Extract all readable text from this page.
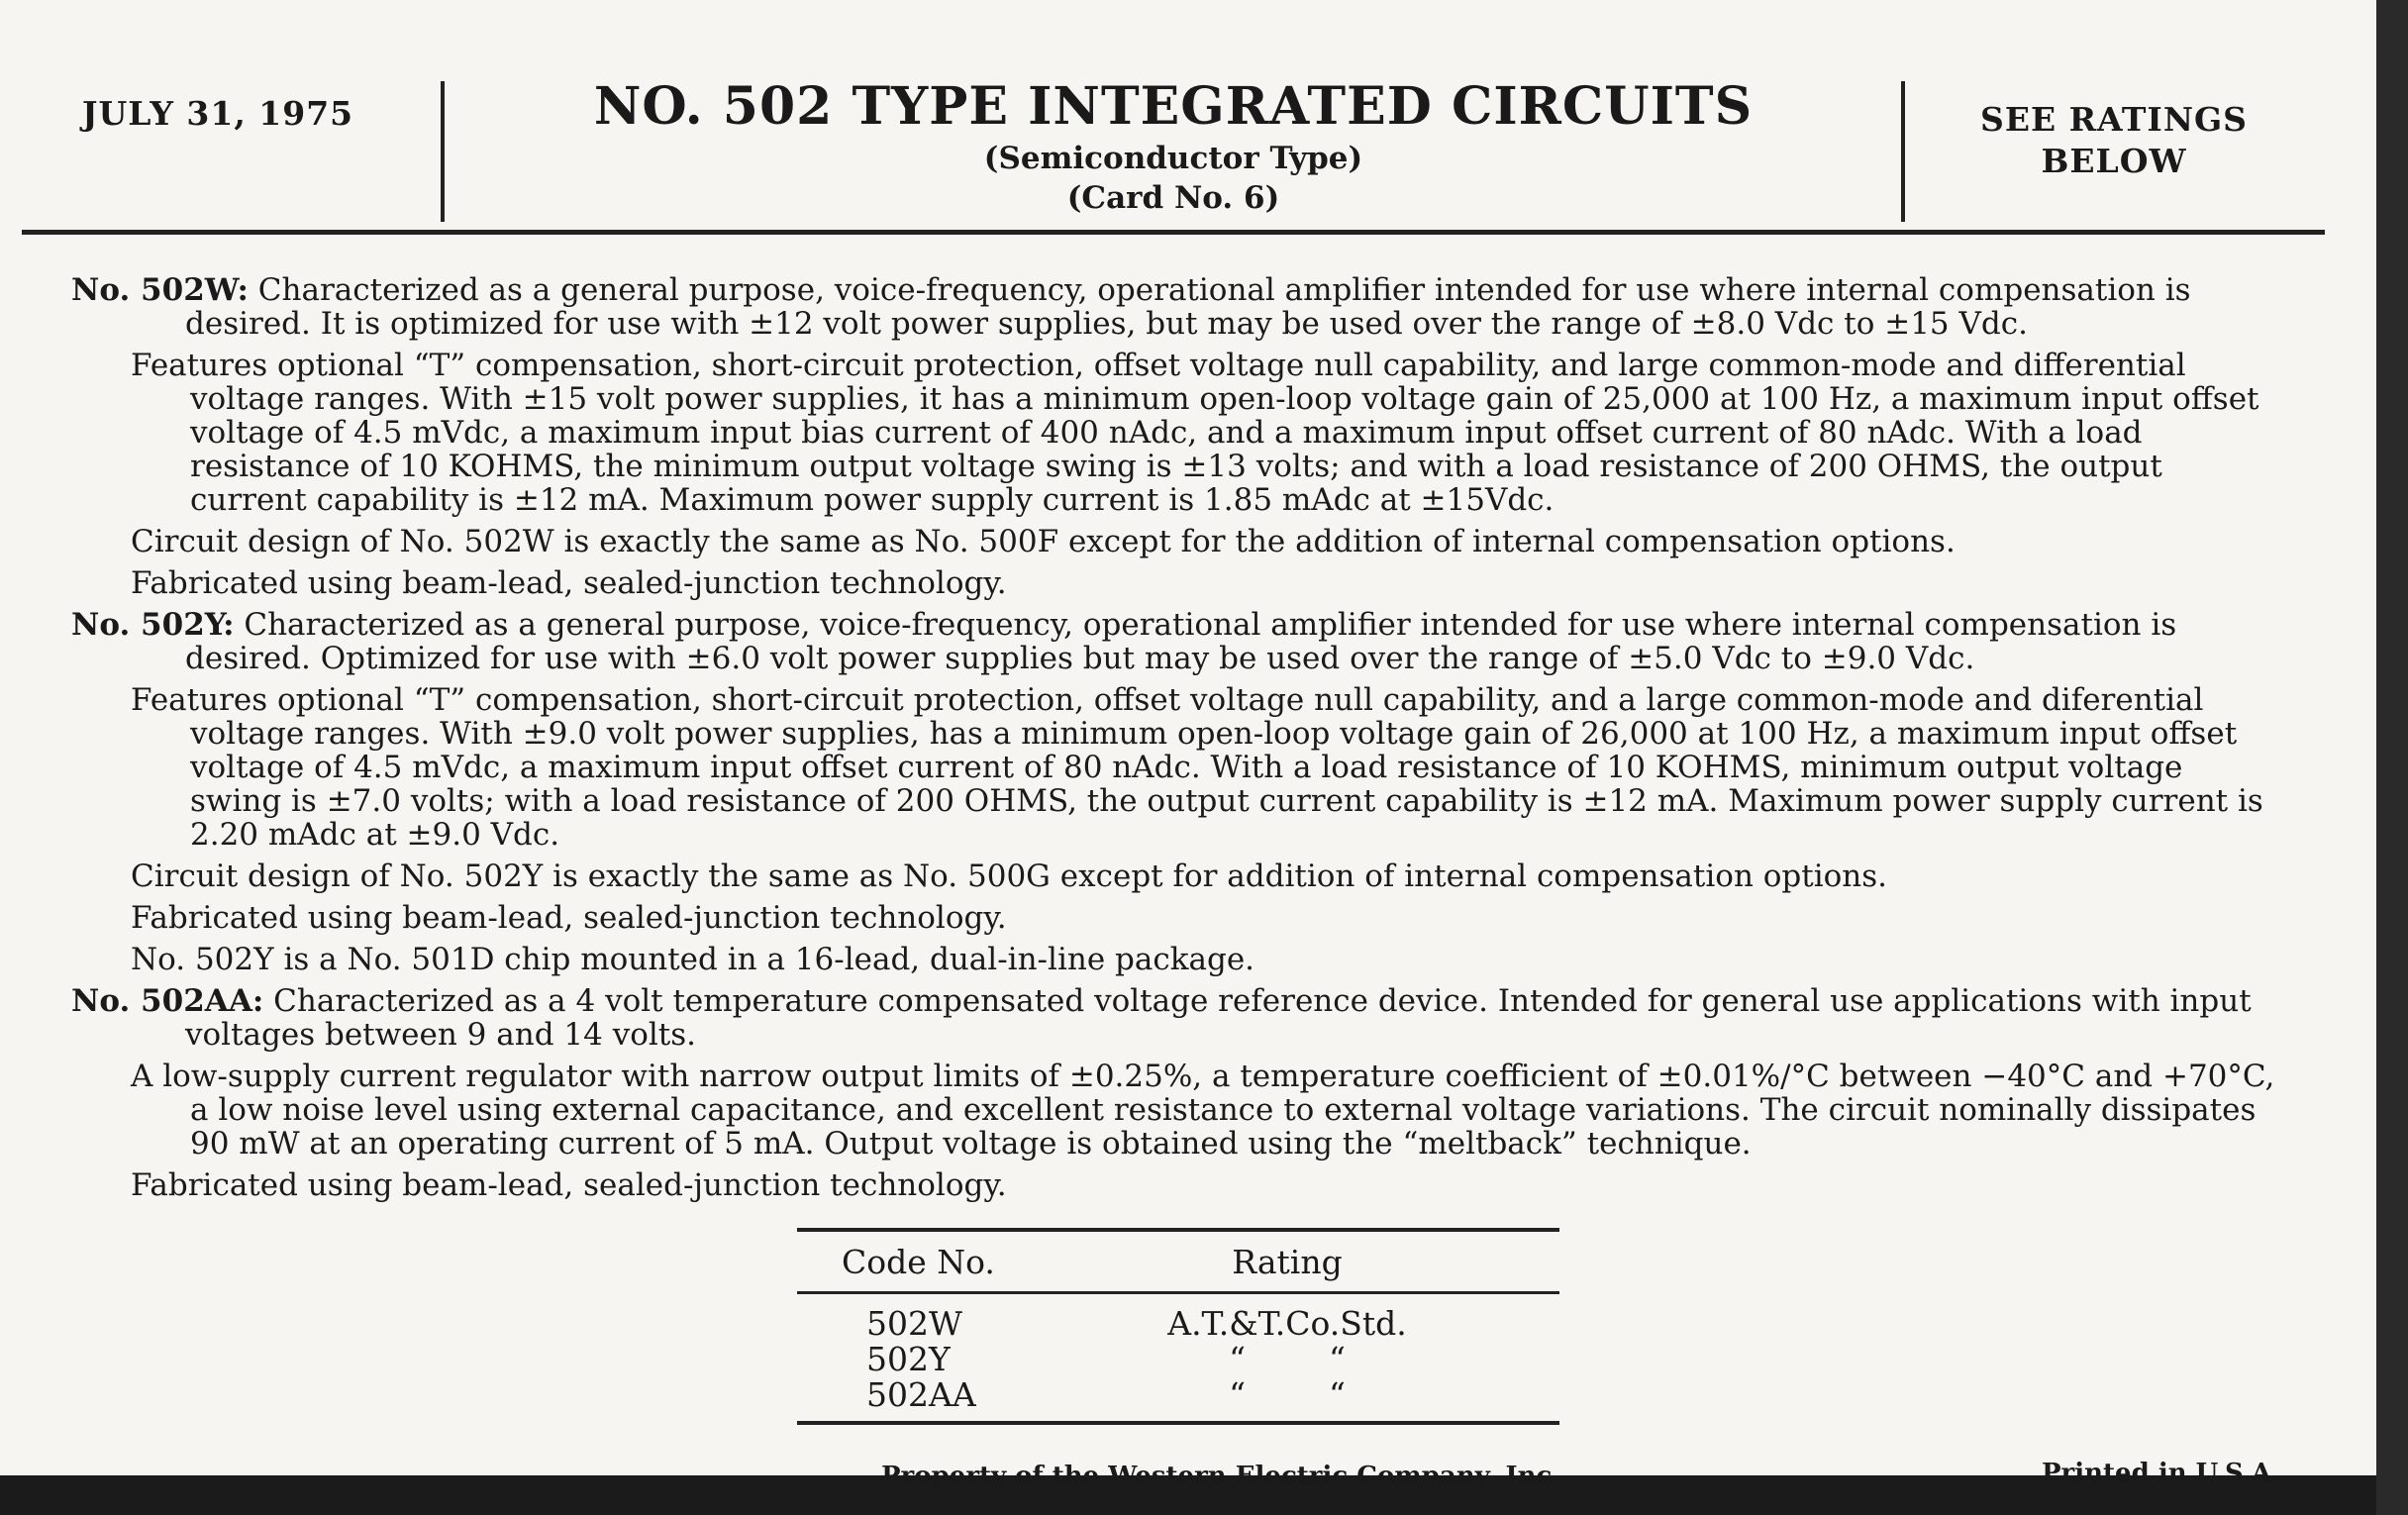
JULY 31, 1975	NO. 502 TYPE INTEGRATED CIRCUITS
(Semiconductor Type)
(Card No. 6)
SEE RATINGS
BELOW
No. 502W: Characterized as a general purpose, voice-frequency, operational amplifier intended for use where internal compensation is desired. It is optimized for use with ±12 volt power supplies, but may be used over the range of ±8.0 Vdc to ±15 Vdc.
Features optional “T” compensation, short-circuit protection, offset voltage null capability, and large common-mode and differential voltage ranges. With ±15 volt power supplies, it has a minimum open-loop voltage gain of 25,000 at 100 Hz, a maximum input offset voltage of 4.5 mVdc, a maximum input bias current of 400 nAdc, and a maximum input offset current of 80 nAdc. With a load resistance of 10 KOHMS, the minimum output voltage swing is ±13 volts; and with a load resistance of 200 OHMS, the output current capability is ±12 mA. Maximum power supply current is 1.85 mAdc at ±15Vdc.
Circuit design of No. 502W is exactly the same as No. 500F except for the addition of internal compensation options.
Fabricated using beam-lead, sealed-junction technology.
No. 502Y: Characterized as a general purpose, voice-frequency, operational amplifier intended for use where internal compensation is desired. Optimized for use with ±6.0 volt power supplies but may be used over the range of ±5.0 Vdc to ±9.0 Vdc.
Features optional “T” compensation, short-circuit protection, offset voltage null capability, and a large common-mode and diferential voltage ranges. With ±9.0 volt power supplies, has a minimum open-loop voltage gain of 26,000 at 100 Hz, a maximum input offset voltage of 4.5 mVdc, a maximum input offset current of 80 nAdc. With a load resistance of 10 KOHMS, minimum output voltage swing is ±7.0 volts; with a load resistance of 200 OHMS, the output current capability is ±12 mA. Maximum power supply current is 2.20 mAdc at ±9.0 Vdc.
Circuit design of No. 502Y is exactly the same as No. 500G except for addition of internal compensation options.
Fabricated using beam-lead, sealed-junction technology.
No. 502Y is a No. 501D chip mounted in a 16-lead, dual-in-line package.
No. 502AA: Characterized as a 4 volt temperature compensated voltage reference device. Intended for general use applications with input voltages between 9 and 14 volts.
A low-supply current regulator with narrow output limits of ±0.25%, a temperature coefficient of ±0.01%/°C between −40°C and +70°C, a low noise level using external capacitance, and excellent resistance to external voltage variations. The circuit nominally dissipates 90 mW at an operating current of 5 mA. Output voltage is obtained using the “meltback” technique.
Fabricated using beam-lead, sealed-junction technology.
Code No.	Rating
502W	A.T.&T.Co.Std.
502Y	“        “
502AA	“        “
Property of the Western Electric Company, Inc.	Printed in U.S.A.
